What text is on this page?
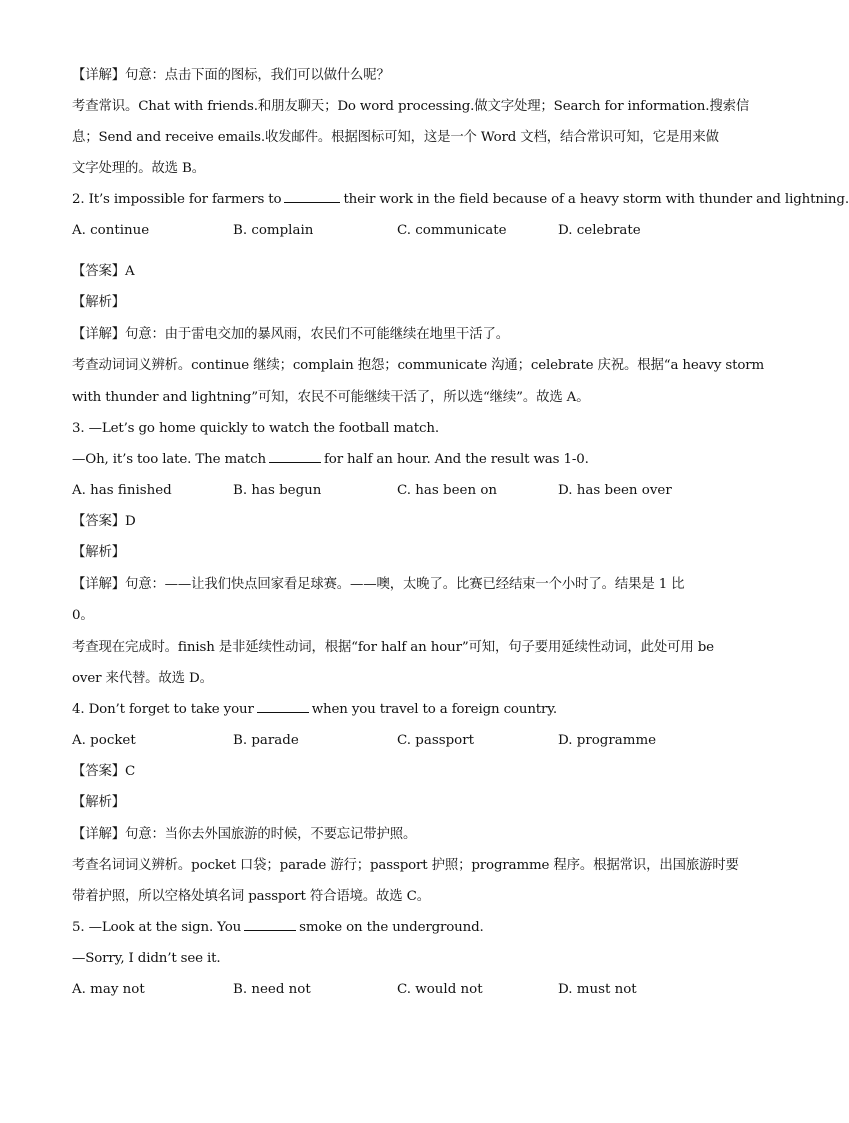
【详解】句意：点击下面的图标，我们可以做什么呢？
考查常识。Chat with friends.和朋友聊天；Do word processing.做文字处理；Search for information.搜索信
息；Send and receive emails.收发邮件。根据图标可知，这是一个 Word 文档，结合常识可知，它是用来做
文字处理的。故选 B。
2. It’s impossible for farmers to	their work in the field because of a heavy storm with thunder and lightning.
A. continue	B. complain	C. communicate	D. celebrate
【答案】A
【解析】
【详解】句意：由于雷电交加的暴风雨，农民们不可能继续在地里干活了。
考查动词词义辨析。continue 继续；complain 抱怨；communicate 沟通；celebrate 庆祝。根据“a heavy storm
with thunder and lightning”可知，农民不可能继续干活了，所以选“继续”。故选 A。
3. —Let’s go home quickly to watch the football match.
—Oh, it’s too late. The match	for half an hour. And the result was 1-0.
A. has finished	B. has begun	C. has been on	D. has been over
【答案】D
【解析】
【详解】句意：——让我们快点回家看足球赛。——噢，太晚了。比赛已经结束一个小时了。结果是 1 比
0。
考查现在完成时。finish 是非延续性动词，根据“for half an hour”可知，句子要用延续性动词，此处可用 be
over 来代替。故选 D。
4. Don’t forget to take your	when you travel to a foreign country.
A. pocket	B. parade	C. passport	D. programme
【答案】C
【解析】
【详解】句意：当你去外国旅游的时候，不要忘记带护照。
考查名词词义辨析。pocket 口袋；parade 游行；passport 护照；programme 程序。根据常识，出国旅游时要
带着护照，所以空格处填名词 passport 符合语境。故选 C。
5. —Look at the sign. You	smoke on the underground.
—Sorry, I didn’t see it.
A. may not	B. need not	C. would not	D. must not
